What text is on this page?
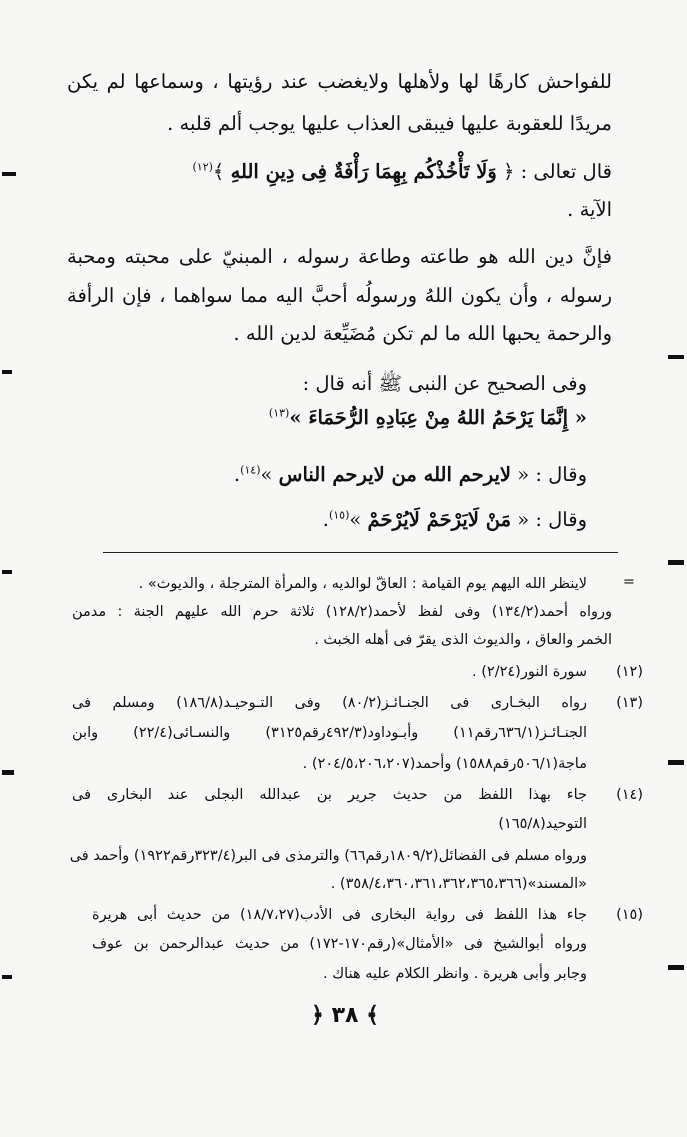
للفواحش كارهًا لها ولأهلها ولايغضب عند رؤيتها ، وسماعها لم يكن
مريدًا للعقوبة عليها فيبقى العذاب عليها يوجب ألم قلبه .
قال تعالى : ﴿ وَلَا تَأْخُذْكُم بِهِمَا رَأْفَةٌ فِى دِينِ اللهِ ﴾$^{(١٢)}$
الآية .
فإنَّ دين الله هو طاعته وطاعة رسوله ، المبنيّ على محبته ومحبة
رسوله ، وأن يكون اللهُ ورسولُه أحبَّ اليه مما سواهما ، فإن الرأفة
والرحمة يحبها الله ما لم تكن مُضَيِّعة لدين الله .
وفى الصحيح عن النبى ﷺ أنه قال :
« إِنَّمَا يَرْحَمُ اللهُ مِنْ عِبَادِهِ الرُّحَمَاءَ »$^{(١٣)}$
وقال : « لايرحم الله من لايرحم الناس »$^{(١٤)}$.
وقال : « مَنْ لَايَرْحَمْ لَايُرْحَمْ »$^{(١٥)}$.
=
لاينظر الله اليهم يوم القيامة : العاقّ لوالديه ، والمرأة المترجلة ، والديوث» .
ورواه أحمد(١٣٤/٢) وفى لفظ لأحمد(١٢٨/٢) ثلاثة حرم الله عليهم الجنة : مدمن
الخمر والعاق ، والديوث الذى يقرّ فى أهله الخبث .
(١٢)
سورة النور(٢/٢٤) .
(١٣)
رواه البخـارى فى الجنـائـز(٨٠/٢) وفى التـوحيـد(١٨٦/٨) ومسلم فى
الجنـائـز(٦٣٦/١رقم١١) وأبـوداود(٤٩٢/٣رقم٣١٢٥) والنسـائى(٢٢/٤) وابن
ماجة(٥٠٦/١رقم١٥٨٨) وأحمد(٢٠٤/٥،٢٠٦،٢٠٧) .
(١٤)
جاء بهذا اللفظ من حديث جرير بن عبدالله البجلى عند البخارى فى
التوحيد(١٦٥/٨)
ورواه مسلم فى الفضائل(١٨٠٩/٢رقم٦٦) والترمذى فى البر(٣٢٣/٤رقم١٩٢٢) وأحمد فى
«المسند»(٣٥٨/٤،٣٦٠،٣٦١،٣٦٢،٣٦٥،٣٦٦) .
(١٥)
جاء هذا اللفظ فى رواية البخارى فى الأدب(١٨/٧،٢٧) من حديث أبى هريرة
ورواه أبوالشيخ فى «الأمثال»(رقم١٧٠-١٧٢) من حديث عبدالرحمن بن عوف
وجابر وأبى هريرة . وانظر الكلام عليه هناك .
﴿ ٣٨ ﴾
